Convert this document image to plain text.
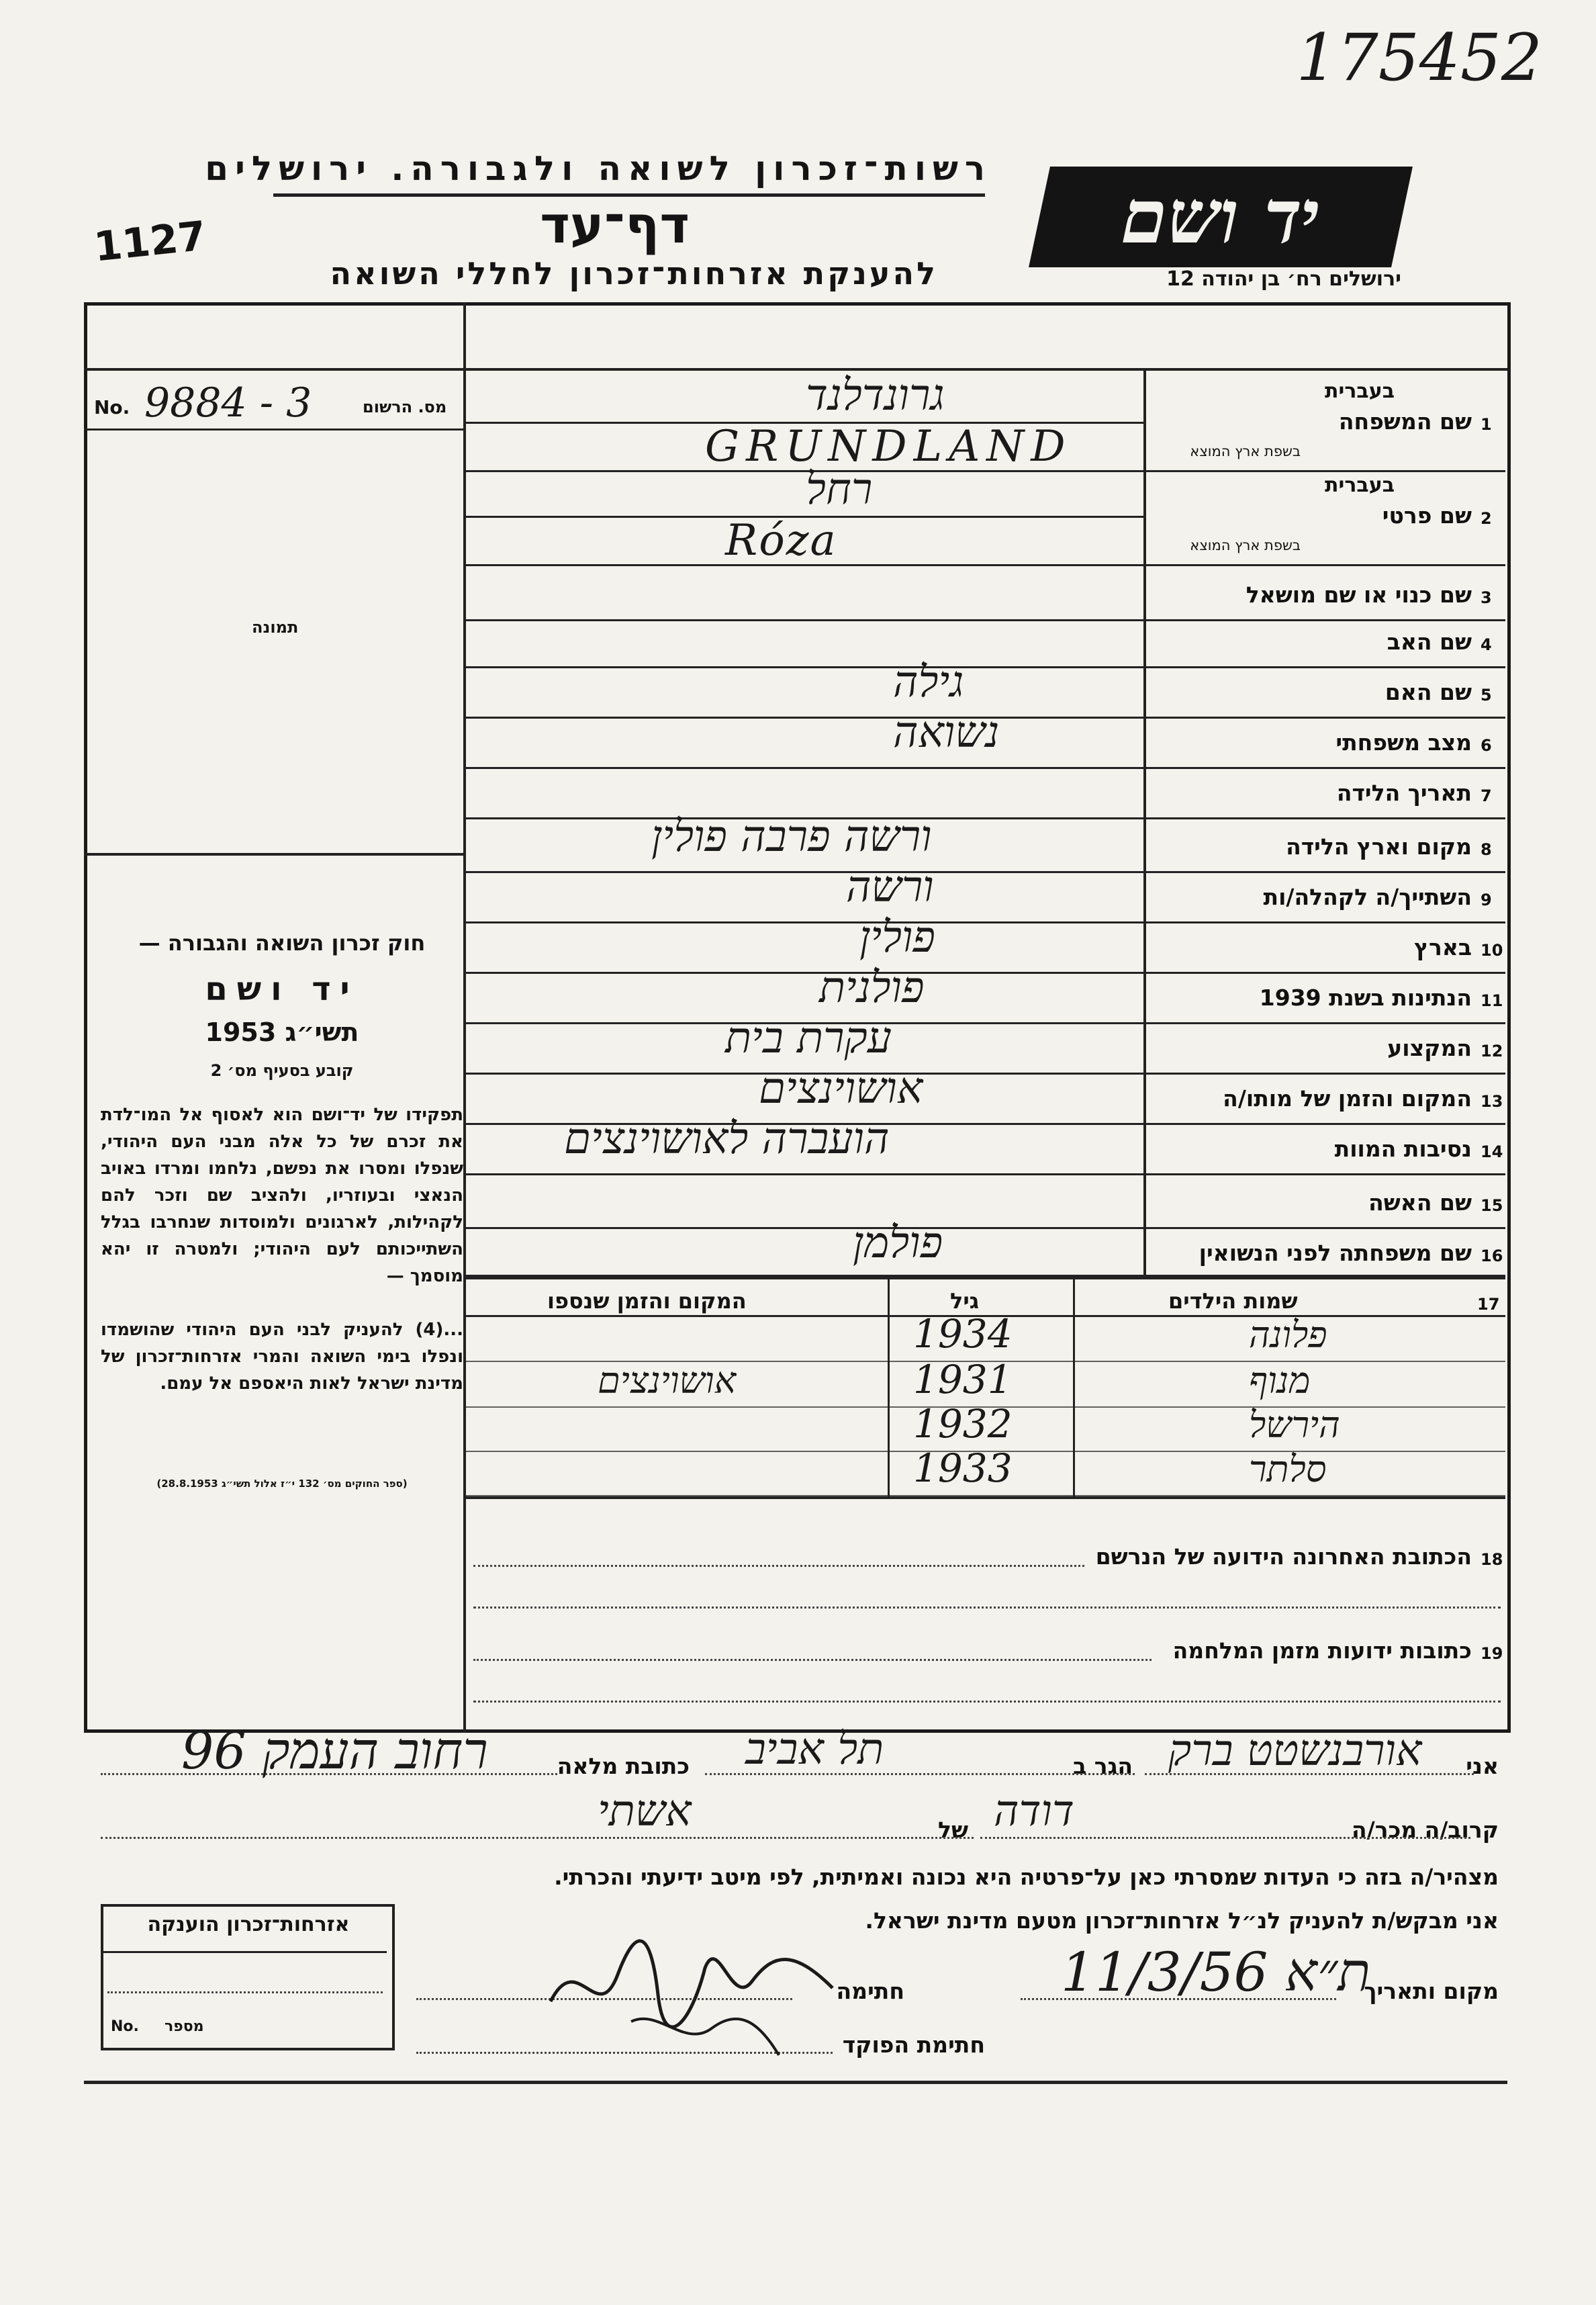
175452
רשות־זכרון לשואה ולגבורה. ירושלים
דף־עד
להענקת אזרחות־זכרון לחללי השואה
1127	יד ושם
ירושלים רח׳ בן יהודה 12
מס. הרשום
No. 9884 - 3
תמונה
חוק זכרון השואה והגבורה —
יד ושם
תשי״ג 1953
קובע בסעיף מס׳ 2
תפקידו של יד־ושם הוא לאסוף אל המו־לדת את זכרם של כל אלה מבני העם היהודי, שנפלו ומסרו את נפשם, נלחמו ומרדו באויב הנאצי ובעוזריו, ולהציב שם וזכר להם לקהילות, לארגונים ולמוסדות שנחרבו בגלל השתייכותם לעם היהודי; ולמטרה זו יהא מוסמך —
...(4) להעניק לבני העם היהודי שהושמדו ונפלו בימי השואה והמרי אזרחות־זכרון של מדינת ישראל לאות היאספם אל עמם.
(ספר החוקים מס׳ 132 י״ז אלול תשי״ג 28.8.1953)
1
שם המשפחה
בעברית
בשפת ארץ המוצא
גרונדלנד
GRUNDLAND
2
שם פרטי
בעברית
בשפת ארץ המוצא
רחל
Róza
3
שם כנוי או שם מושאל
4
שם האב
5
שם האם
גילה
6
מצב משפחתי
נשואה
7
תאריך הלידה
8
מקום וארץ הלידה
ורשה פרבה פולין
9
השתייך/ה לקהלה/ות
ורשה
10
בארץ
פולין
11
הנתינות בשנת 1939
פולנית
12
המקצוע
עקרת בית
13
המקום והזמן של מותו/ה
אושוינצים
14
נסיבות המוות
הועברה לאושוינצים
15
שם האשה
16
שם משפחתה לפני הנשואין
פולמן
17
שמות הילדים
גיל
המקום והזמן שנספו
פלונה
1934
מנוף
1931
אושוינצים
הירשל
1932
סלתר
1933
18
הכתובת האחרונה הידועה של הנרשם
19
כתובות ידועות מזמן המלחמה
אני
אורבנשטט ברק
הגר ב
תל אביב
כתובת מלאה
רחוב העמק 96
קרוב/ה מכר/ה
דודה
של
אשתי
מצהיר/ה בזה כי העדות שמסרתי כאן על־פרטיה היא נכונה ואמיתית, לפי מיטב ידיעתי והכרתי.
אני מבקש/ת להעניק לנ״ל אזרחות־זכרון מטעם מדינת ישראל.
מקום ותאריך
ת״א 11/3/56
חתימה
חתימת הפוקד
אזרחות־זכרון הוענקה
No. מספר
